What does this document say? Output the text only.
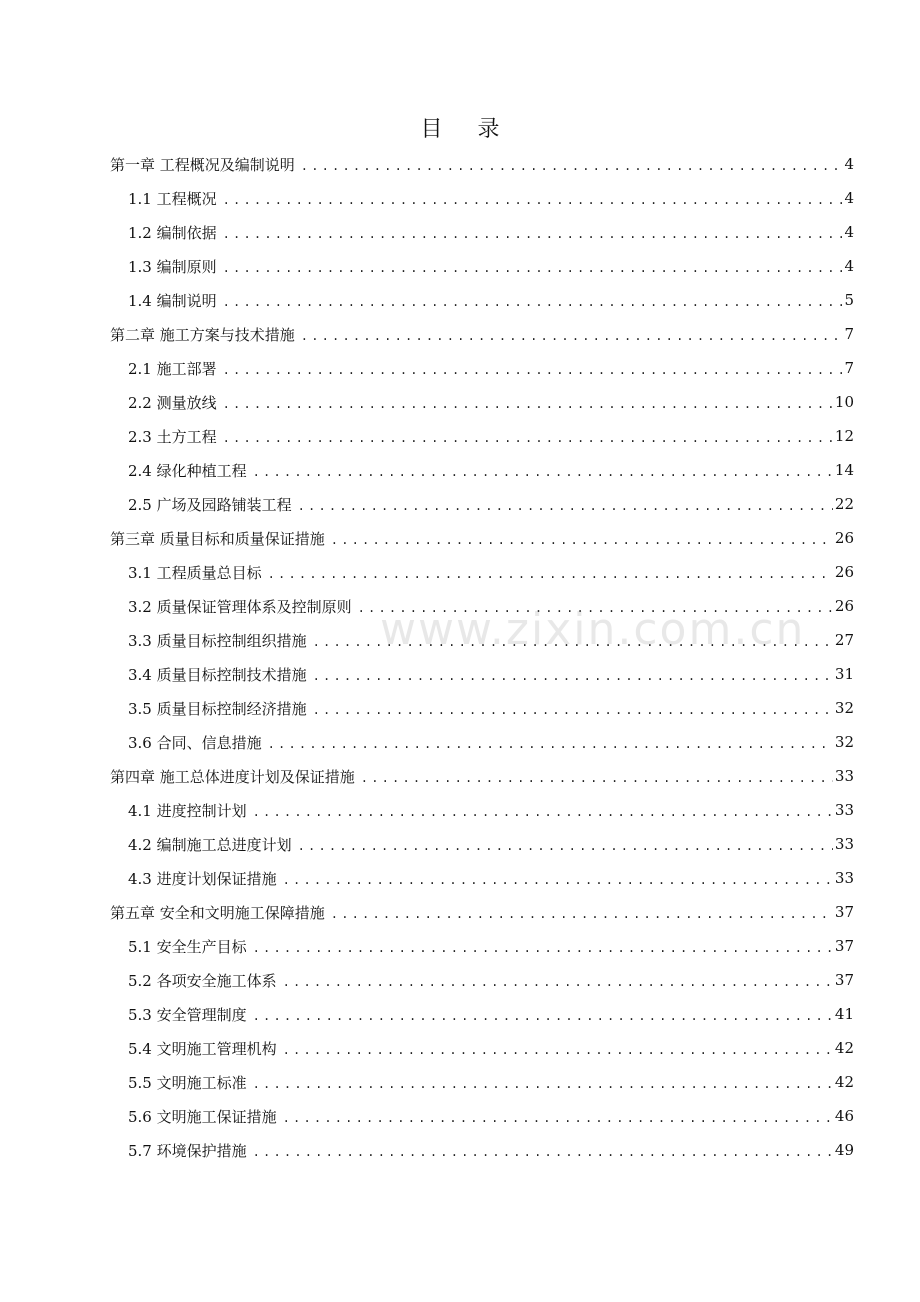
目 录
第一章 工程概况及编制说明 .....	4
1.1 工程概况 .....	4
1.2 编制依据 .....	4
1.3 编制原则 .....	4
1.4 编制说明 .....	5
第二章 施工方案与技术措施 .....	7
2.1 施工部署 .....	7
2.2 测量放线 .....	10
2.3 土方工程 .....	12
2.4 绿化种植工程 .....	14
2.5 广场及园路铺装工程 .....	22
第三章 质量目标和质量保证措施 .....	26
3.1 工程质量总目标 .....	26
3.2 质量保证管理体系及控制原则 .....	26
3.3 质量目标控制组织措施 .....	27
3.4 质量目标控制技术措施 .....	31
3.5 质量目标控制经济措施 .....	32
3.6 合同、信息措施 .....	32
第四章 施工总体进度计划及保证措施 .....	33
4.1 进度控制计划 .....	33
4.2 编制施工总进度计划 .....	33
4.3 进度计划保证措施 .....	33
第五章 安全和文明施工保障措施 .....	37
5.1 安全生产目标 .....	37
5.2 各项安全施工体系 .....	37
5.3 安全管理制度 .....	41
5.4 文明施工管理机构 .....	42
5.5 文明施工标准 .....	42
5.6 文明施工保证措施 .....	46
5.7 环境保护措施 .....	49
www.zixin.com.cn
